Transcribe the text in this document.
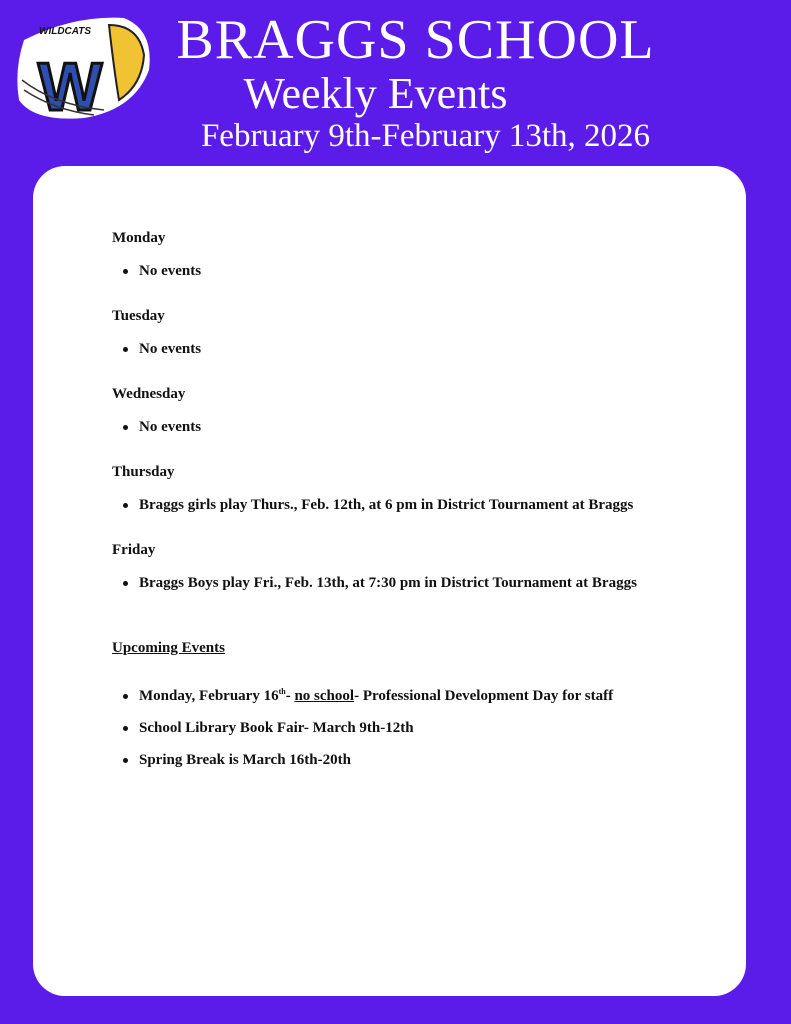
WILDCATS
W
BRAGGS SCHOOL
Weekly Events
February 9th-February 13th, 2026
Monday
No events
Tuesday
No events
Wednesday
No events
Thursday
Braggs girls play Thurs., Feb. 12th, at 6 pm in District Tournament at Braggs
Friday
Braggs Boys play Fri., Feb. 13th, at 7:30 pm in District Tournament at Braggs
Upcoming Events
Monday, February 16th- no school- Professional Development Day for staff
School Library Book Fair- March 9th-12th
Spring Break is March 16th-20th
